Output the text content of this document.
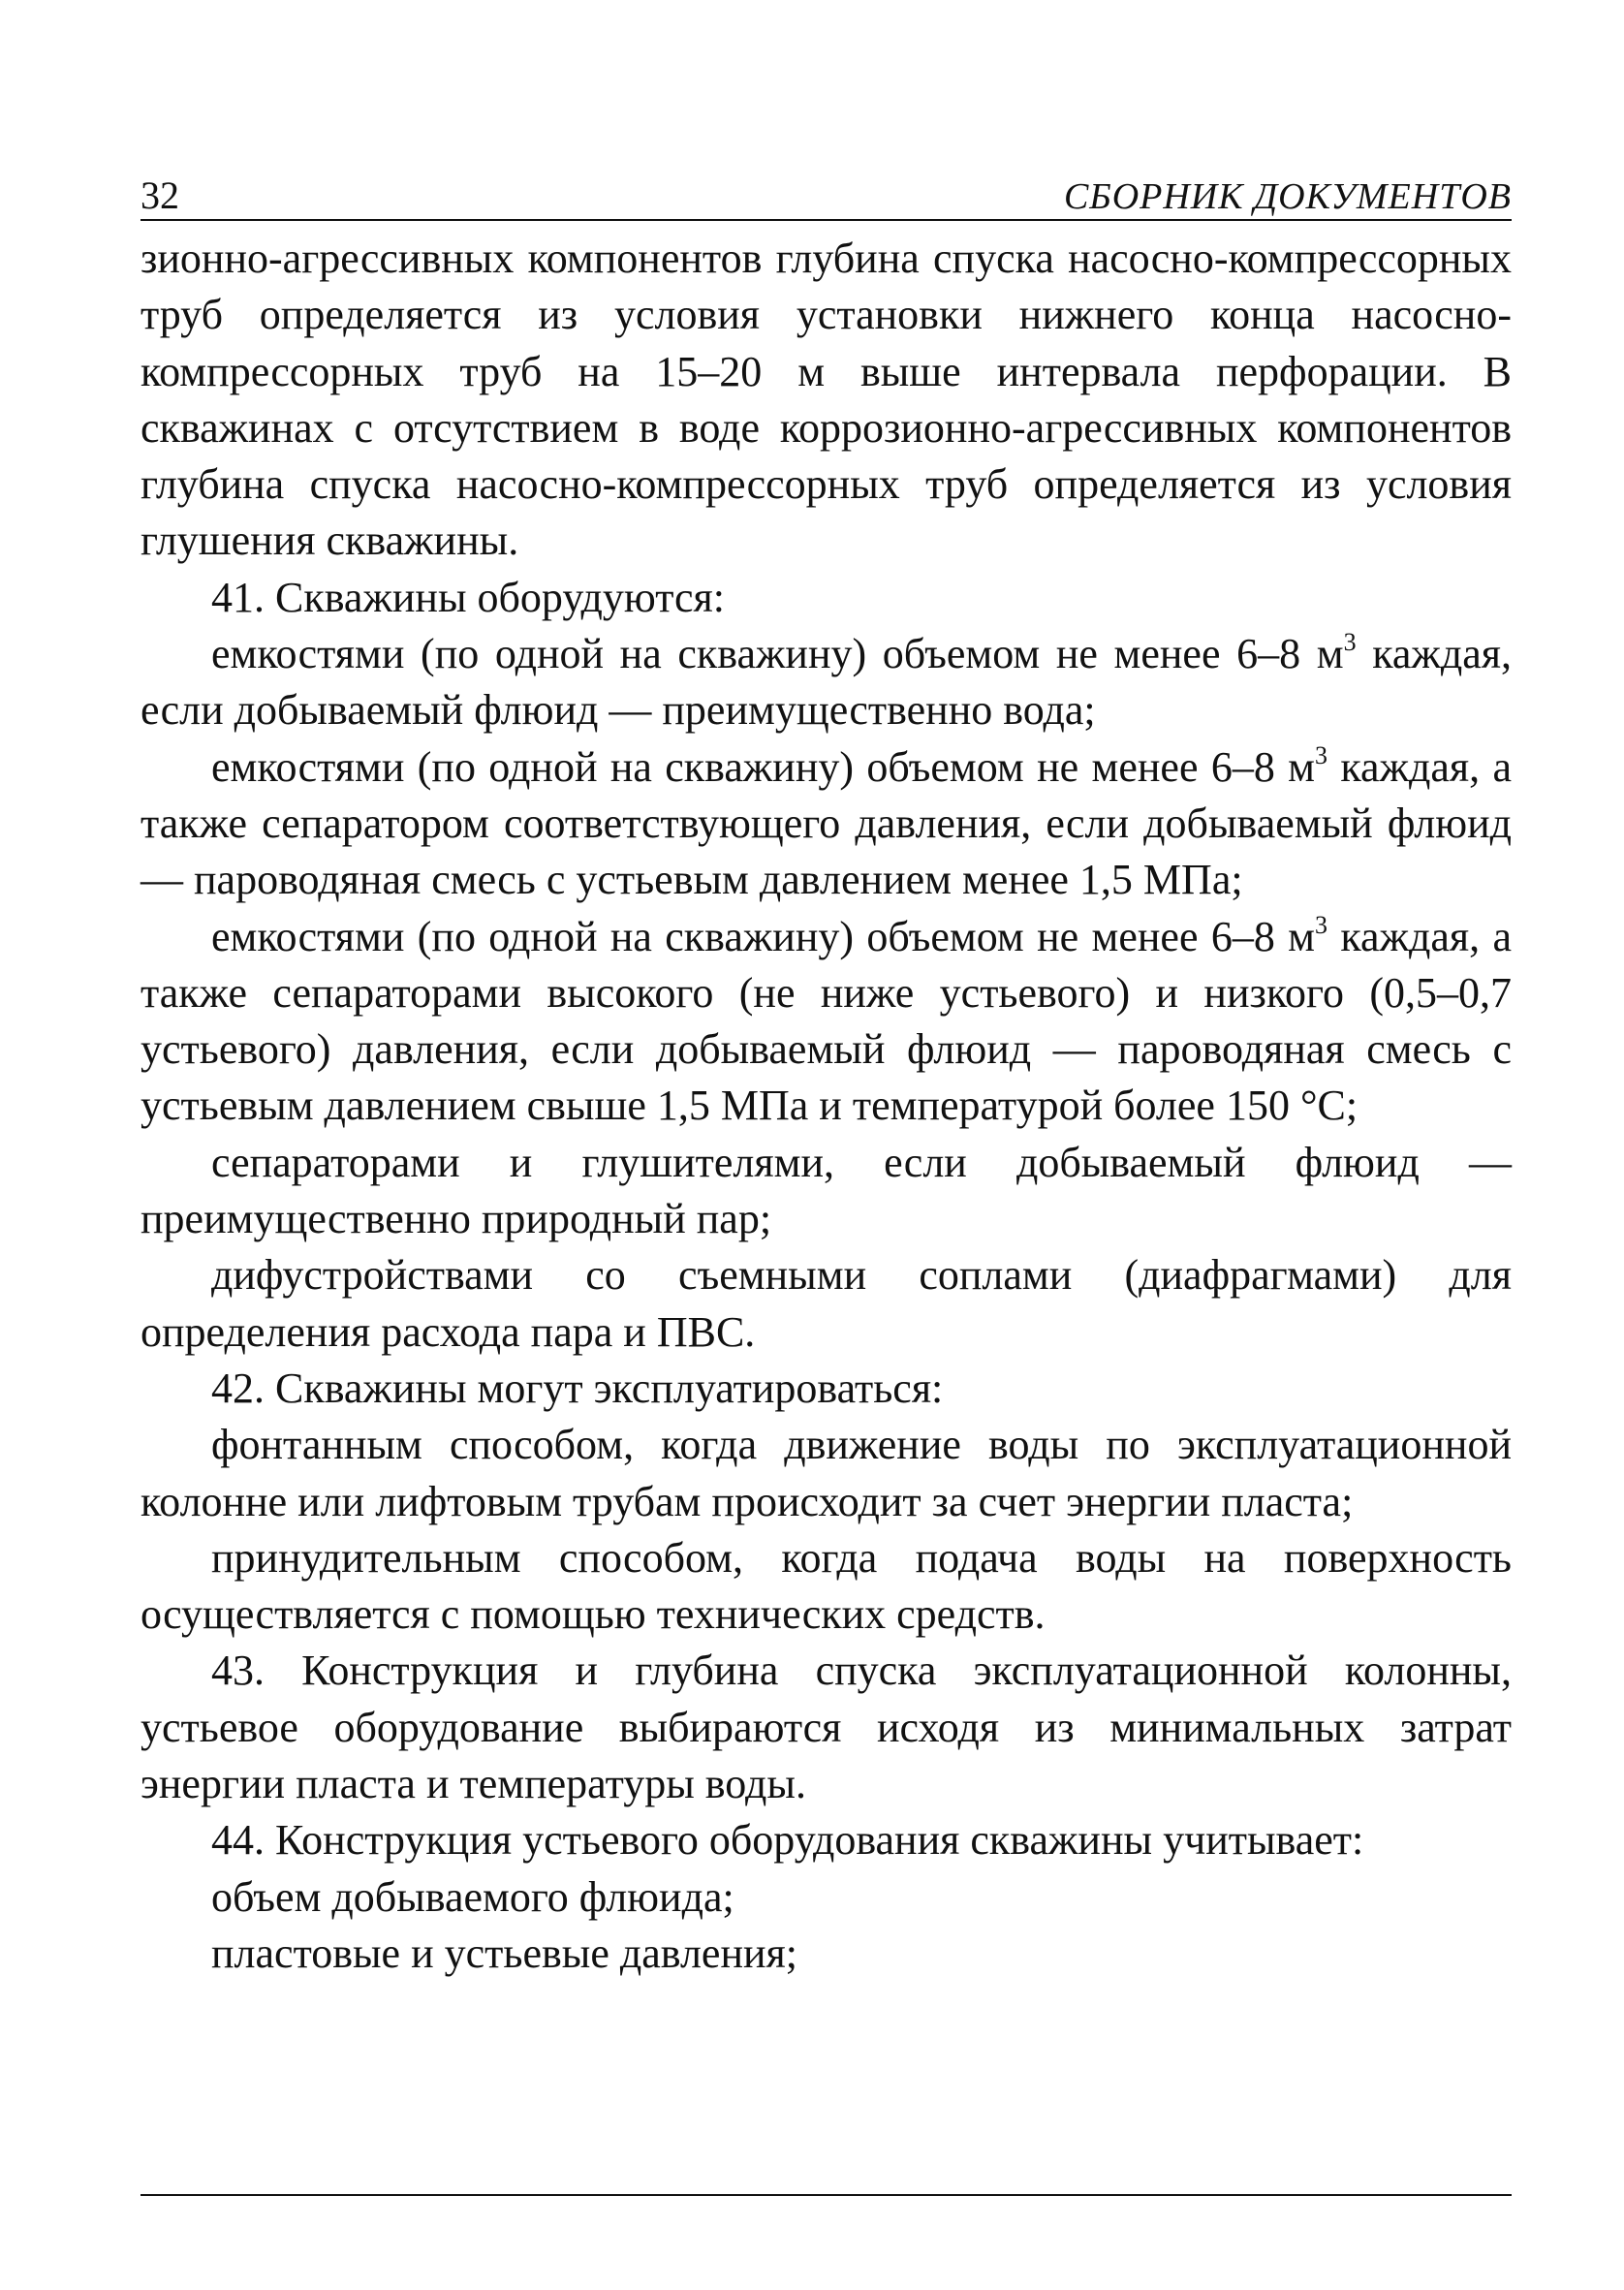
32	СБОРНИК ДОКУМЕНТОВ

зионно-агрессивных компонентов глубина спуска насосно-компрессорных труб определяется из условия установки нижнего конца насосно-компрессорных труб на 15–20 м выше интервала перфорации. В скважинах с отсутствием в воде коррозионно-агрессивных компонентов глубина спуска насосно-компрессорных труб определяется из условия глушения скважины.

41. Скважины оборудуются:

емкостями (по одной на скважину) объемом не менее 6–8 $м^3$ каждая, если добываемый флюид — преимущественно вода;

емкостями (по одной на скважину) объемом не менее 6–8 $м^3$ каждая, а также сепаратором соответствующего давления, если добываемый флюид — пароводяная смесь с устьевым давлением менее 1,5 МПа;

емкостями (по одной на скважину) объемом не менее 6–8 $м^3$ каждая, а также сепараторами высокого (не ниже устьевого) и низкого (0,5–0,7 устьевого) давления, если добываемый флюид — пароводяная смесь с устьевым давлением свыше 1,5 МПа и температурой более 150 °С;

сепараторами и глушителями, если добываемый флюид — преимущественно природный пар;

дифустройствами со съемными соплами (диафрагмами) для определения расхода пара и ПВС.

42. Скважины могут эксплуатироваться:

фонтанным способом, когда движение воды по эксплуатационной колонне или лифтовым трубам происходит за счет энергии пласта;

принудительным способом, когда подача воды на поверхность осуществляется с помощью технических средств.

43. Конструкция и глубина спуска эксплуатационной колонны, устьевое оборудование выбираются исходя из минимальных затрат энергии пласта и температуры воды.

44. Конструкция устьевого оборудования скважины учитывает:

объем добываемого флюида;

пластовые и устьевые давления;
